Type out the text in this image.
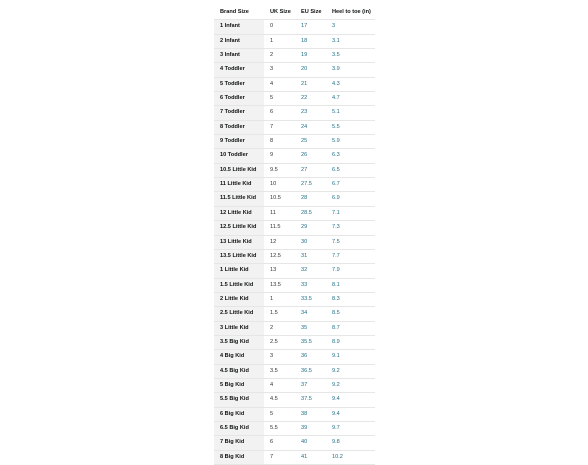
Brand Size	UK Size	EU Size	Heel to toe (in)
1 Infant	0	17	3
2 Infant	1	18	3.1
3 Infant	2	19	3.5
4 Toddler	3	20	3.9
5 Toddler	4	21	4.3
6 Toddler	5	22	4.7
7 Toddler	6	23	5.1
8 Toddler	7	24	5.5
9 Toddler	8	25	5.9
10 Toddler	9	26	6.3
10.5 Little Kid	9.5	27	6.5
11 Little Kid	10	27.5	6.7
11.5 Little Kid	10.5	28	6.9
12 Little Kid	11	28.5	7.1
12.5 Little Kid	11.5	29	7.3
13 Little Kid	12	30	7.5
13.5 Little Kid	12.5	31	7.7
1 Little Kid	13	32	7.9
1.5 Little Kid	13.5	33	8.1
2 Little Kid	1	33.5	8.3
2.5 Little Kid	1.5	34	8.5
3 Little Kid	2	35	8.7
3.5 Big Kid	2.5	35.5	8.9
4 Big Kid	3	36	9.1
4.5 Big Kid	3.5	36.5	9.2
5 Big Kid	4	37	9.2
5.5 Big Kid	4.5	37.5	9.4
6 Big Kid	5	38	9.4
6.5 Big Kid	5.5	39	9.7
7 Big Kid	6	40	9.8
8 Big Kid	7	41	10.2
